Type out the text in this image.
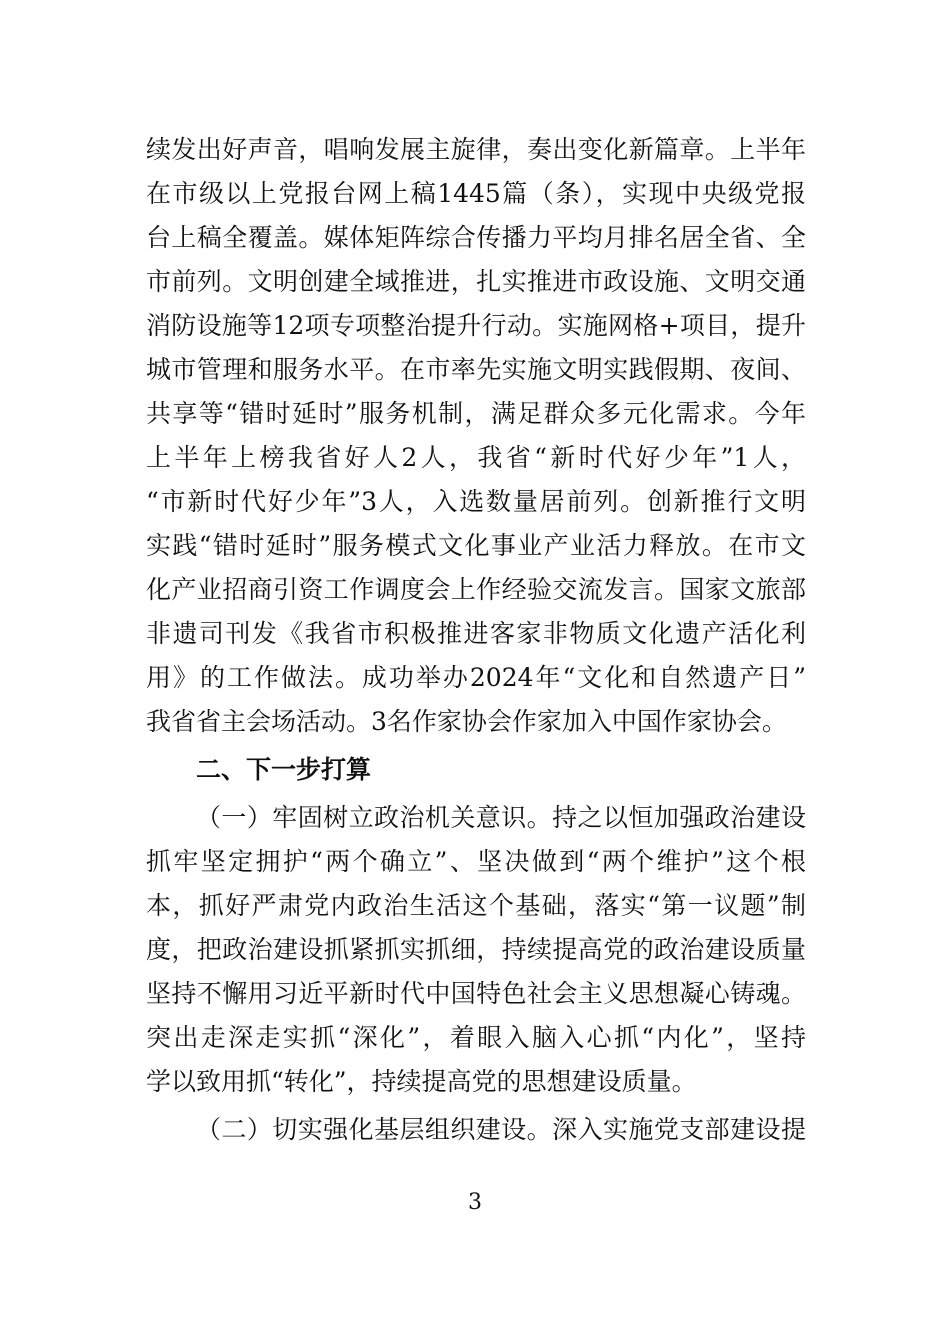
续发出好声音，唱响发展主旋律，奏出变化新篇章。上半年
在市级以上党报台网上稿1445篇（条），实现中央级党报
台上稿全覆盖。媒体矩阵综合传播力平均月排名居全省、全
市前列。文明创建全域推进，扎实推进市政设施、文明交通
消防设施等12项专项整治提升行动。实施网格+项目，提升
城市管理和服务水平。在市率先实施文明实践假期、夜间、
共享等“错时延时”服务机制，满足群众多元化需求。今年
上半年上榜我省好人2人，我省“新时代好少年”1人，
“市新时代好少年”3人，入选数量居前列。创新推行文明
实践“错时延时”服务模式文化事业产业活力释放。在市文
化产业招商引资工作调度会上作经验交流发言。国家文旅部
非遗司刊发《我省市积极推进客家非物质文化遗产活化利
用》的工作做法。成功举办2024年“文化和自然遗产日”
我省省主会场活动。3名作家协会作家加入中国作家协会。
二、下一步打算
（一）牢固树立政治机关意识。持之以恒加强政治建设
抓牢坚定拥护“两个确立”、坚决做到“两个维护”这个根
本，抓好严肃党内政治生活这个基础，落实“第一议题”制
度，把政治建设抓紧抓实抓细，持续提高党的政治建设质量
坚持不懈用习近平新时代中国特色社会主义思想凝心铸魂。
突出走深走实抓“深化”，着眼入脑入心抓“内化”，坚持
学以致用抓“转化”，持续提高党的思想建设质量。
（二）切实强化基层组织建设。深入实施党支部建设提
3
